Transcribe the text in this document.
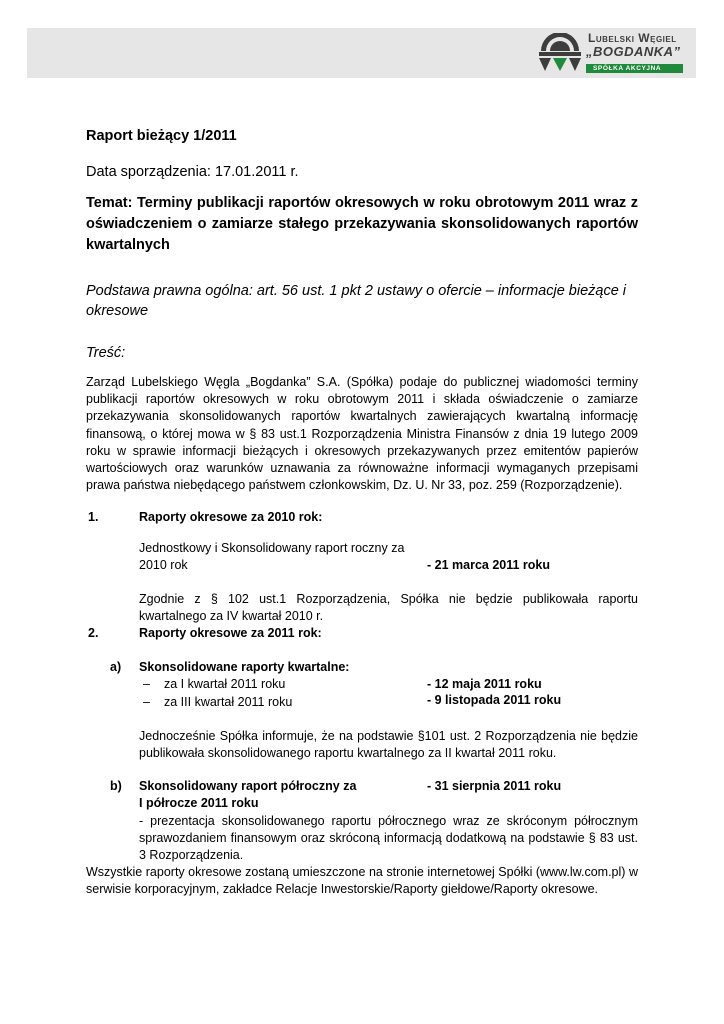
Lubelski Węgiel
„BOGDANKA”
SPÓŁKA AKCYJNA
Raport bieżący 1/2011
Data sporządzenia: 17.01.2011 r.
Temat: Terminy publikacji raportów okresowych w roku obrotowym 2011 wraz z oświadczeniem o zamiarze stałego przekazywania skonsolidowanych raportów kwartalnych
Podstawa prawna ogólna: art. 56 ust. 1 pkt 2 ustawy o ofercie – informacje bieżące i okresowe
Treść:
Zarząd Lubelskiego Węgla „Bogdanka” S.A. (Spółka) podaje do publicznej wiadomości terminy publikacji raportów okresowych w roku obrotowym 2011 i składa oświadczenie o zamiarze przekazywania skonsolidowanych raportów kwartalnych zawierających kwartalną informację finansową, o której mowa w § 83 ust.1 Rozporządzenia Ministra Finansów z dnia 19 lutego 2009 roku w sprawie informacji bieżących i okresowych przekazywanych przez emitentów papierów wartościowych oraz warunków uznawania za równoważne informacji wymaganych przepisami prawa państwa niebędącego państwem członkowskim, Dz. U. Nr 33, poz. 259 (Rozporządzenie).
1.	Raporty okresowe za 2010 rok:
Jednostkowy i Skonsolidowany raport roczny za
2010 rok	- 21 marca 2011 roku
Zgodnie z § 102 ust.1 Rozporządzenia, Spółka nie będzie publikowała raportu kwartalnego za IV kwartał 2010 r.
2.	Raporty okresowe za 2011 rok:
a) Skonsolidowane raporty kwartalne:
– za I kwartał 2011 roku	- 12 maja 2011 roku
– za III kwartał 2011 roku	- 9 listopada 2011 roku
Jednocześnie Spółka informuje, że na podstawie §101 ust. 2 Rozporządzenia nie będzie publikowała skonsolidowanego raportu kwartalnego za II kwartał 2011 roku.
b) Skonsolidowany raport półroczny za
I półrocze 2011 roku
- 31 sierpnia 2011 roku
- prezentacja skonsolidowanego raportu półrocznego wraz ze skróconym półrocznym sprawozdaniem finansowym oraz skróconą informacją dodatkową na podstawie § 83 ust. 3 Rozporządzenia.
Wszystkie raporty okresowe zostaną umieszczone na stronie internetowej Spółki (www.lw.com.pl) w serwisie korporacyjnym, zakładce Relacje Inwestorskie/Raporty giełdowe/Raporty okresowe.
